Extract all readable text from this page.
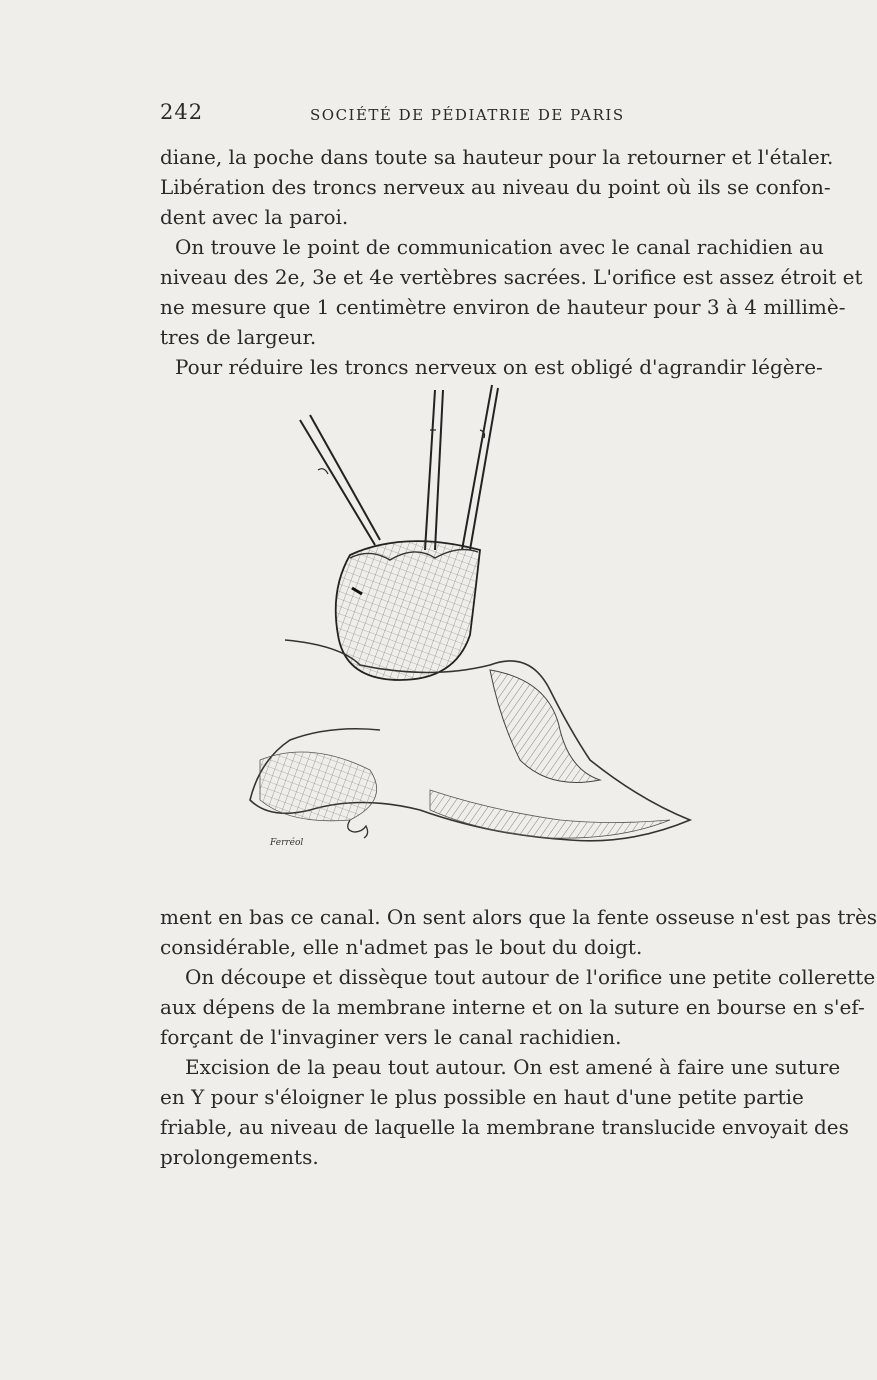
242	SOCIÉTÉ DE PÉDIATRIE DE PARIS
diane, la poche dans toute sa hauteur pour la retourner et l'étaler.
Libération des troncs nerveux au niveau du point où ils se confon-
dent avec la paroi.
On trouve le point de communication avec le canal rachidien au
niveau des 2e, 3e et 4e vertèbres sacrées. L'orifice est assez étroit et
ne mesure que 1 centimètre environ de hauteur pour 3 à 4 millimè-
tres de largeur.
Pour réduire les troncs nerveux on est obligé d'agrandir légère-
Ferréol
ment en bas ce canal. On sent alors que la fente osseuse n'est pas très
considérable, elle n'admet pas le bout du doigt.
On découpe et dissèque tout autour de l'orifice une petite collerette
aux dépens de la membrane interne et on la suture en bourse en s'ef-
forçant de l'invaginer vers le canal rachidien.
Excision de la peau tout autour. On est amené à faire une suture
en Y pour s'éloigner le plus possible en haut d'une petite partie
friable, au niveau de laquelle la membrane translucide envoyait des
prolongements.
